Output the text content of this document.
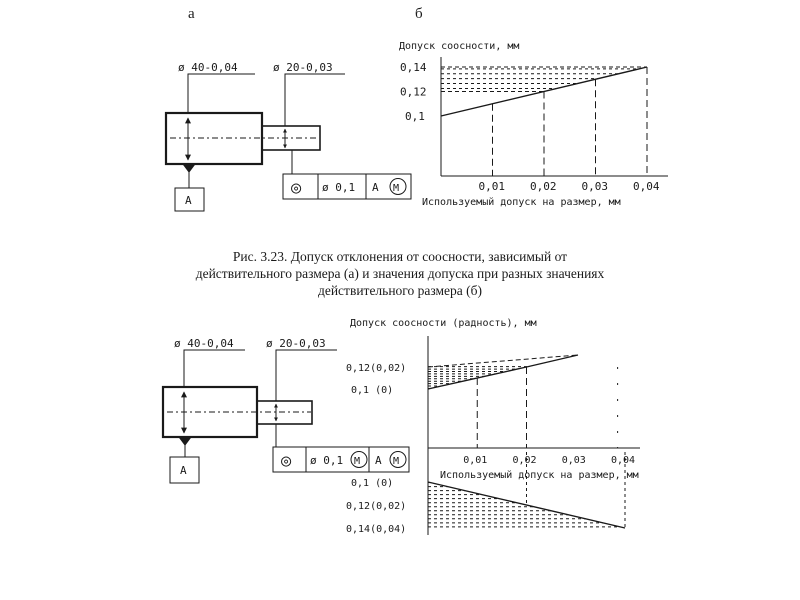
а	б
ø 40-0,04	ø 20-0,03
A
◎ ø 0,1 A M
Допуск соосности, мм
Используемый допуск на размер, мм
0,14
0,12
0,1
0,01 0,02 0,03 0,04
Рис. 3.23. Допуск отклонения от соосности, зависимый от
действительного размера (а) и значения допуска при разных значениях
действительного размера (б)
ø 40-0,04	ø 20-0,03
A	◎ ø 0,1 M A M
Допуск соосности (радность), мм
Используемый допуск на размер, мм
0,12(0,02)
0,1 (0)
0,01	0,02	0,03	0,04
0,1 (0)
0,12(0,02)
0,14(0,04)
